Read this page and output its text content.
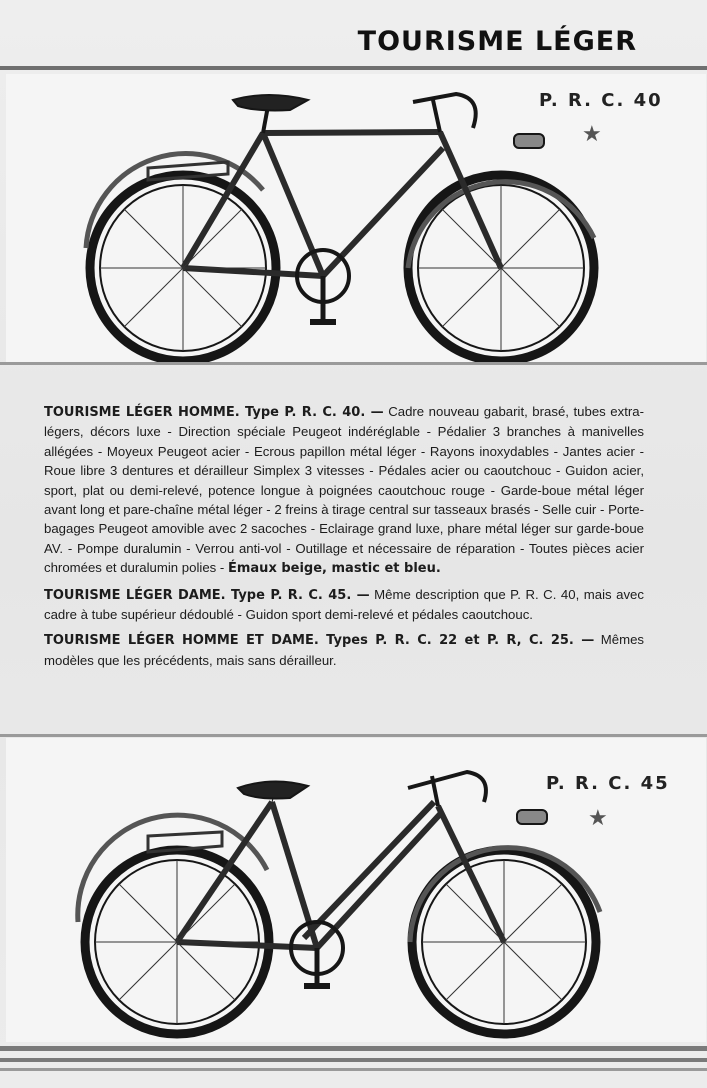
TOURISME LÉGER
P. R. C. 40
★

TOURISME LÉGER HOMME. Type P. R. C. 40. — Cadre nouveau gabarit, brasé, tubes extra-légers, décors luxe - Direction spéciale Peugeot indéréglable - Pédalier 3 branches à manivelles allégées - Moyeux Peugeot acier - Ecrous papillon métal léger - Rayons inoxydables - Jantes acier - Roue libre 3 dentures et dérailleur Simplex 3 vitesses - Pédales acier ou caoutchouc - Guidon acier, sport, plat ou demi-relevé, potence longue à poignées caoutchouc rouge - Garde-boue métal léger avant long et pare-chaîne métal léger - 2 freins à tirage central sur tasseaux brasés - Selle cuir - Porte-bagages Peugeot amovible avec 2 sacoches - Eclairage grand luxe, phare métal léger sur garde-boue AV. - Pompe duralumin - Verrou anti-vol - Outillage et nécessaire de réparation - Toutes pièces acier chromées et duralumin polies - Émaux beige, mastic et bleu.

TOURISME LÉGER DAME. Type P. R. C. 45. — Même description que P. R. C. 40, mais avec cadre à tube supérieur dédoublé - Guidon sport demi-relevé et pédales caoutchouc.

TOURISME LÉGER HOMME ET DAME. Types P. R. C. 22 et P. R, C. 25. — Mêmes modèles que les précédents, mais sans dérailleur.

P. R. C. 45
★
